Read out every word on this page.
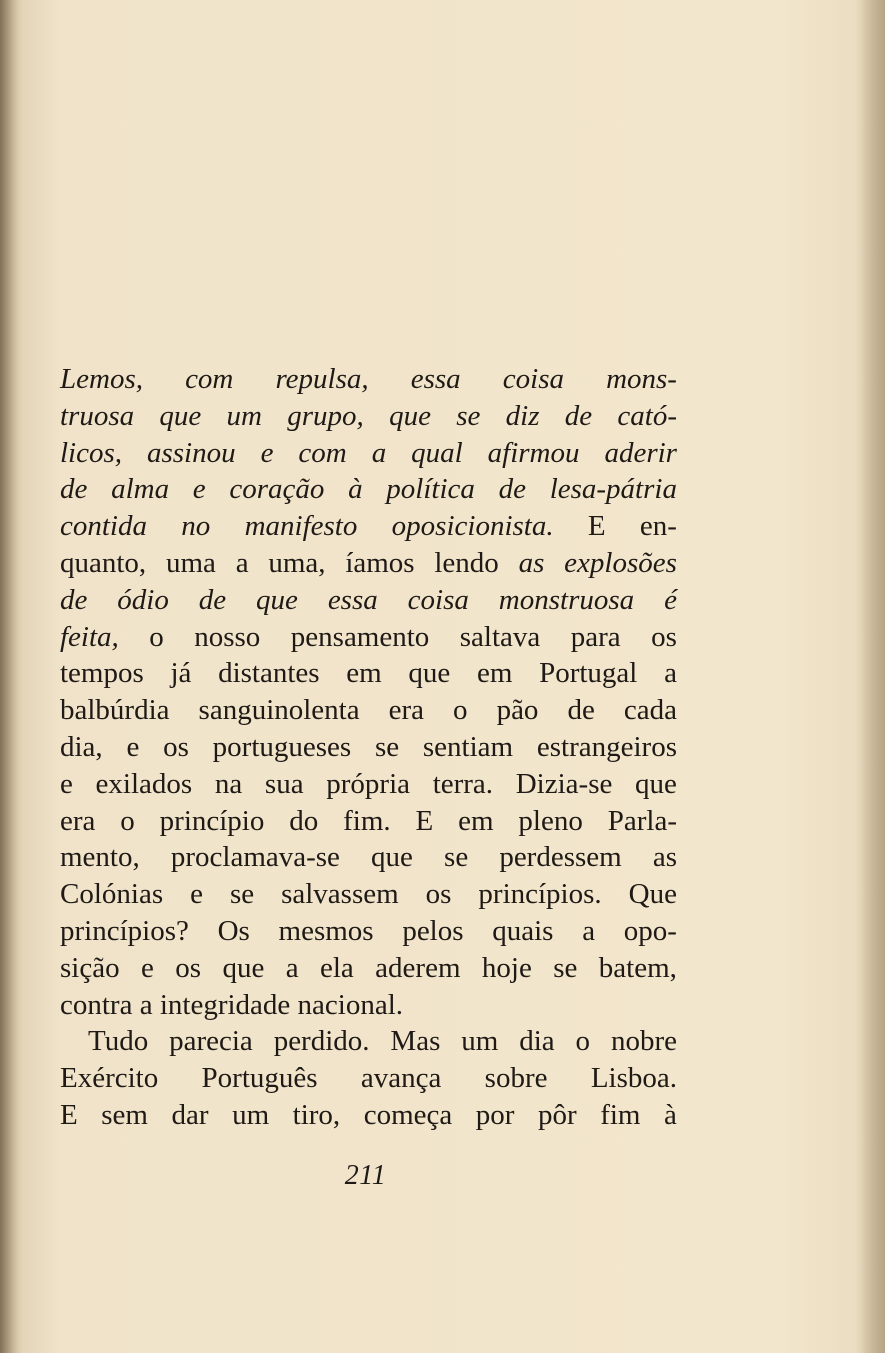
Lemos, com repulsa, essa coisa mons-
truosa que um grupo, que se diz de cató-
licos, assinou e com a qual afirmou aderir
de alma e coração à política de lesa-pátria
contida no manifesto oposicionista. E en-
quanto, uma a uma, íamos lendo as explosões
de ódio de que essa coisa monstruosa é
feita, o nosso pensamento saltava para os
tempos já distantes em que em Portugal a
balbúrdia sanguinolenta era o pão de cada
dia, e os portugueses se sentiam estrangeiros
e exilados na sua própria terra. Dizia-se que
era o princípio do fim. E em pleno Parla-
mento, proclamava-se que se perdessem as
Colónias e se salvassem os princípios. Que
princípios? Os mesmos pelos quais a opo-
sição e os que a ela aderem hoje se batem,
contra a integridade nacional.
Tudo parecia perdido. Mas um dia o nobre
Exército Português avança sobre Lisboa.
E sem dar um tiro, começa por pôr fim à
211
